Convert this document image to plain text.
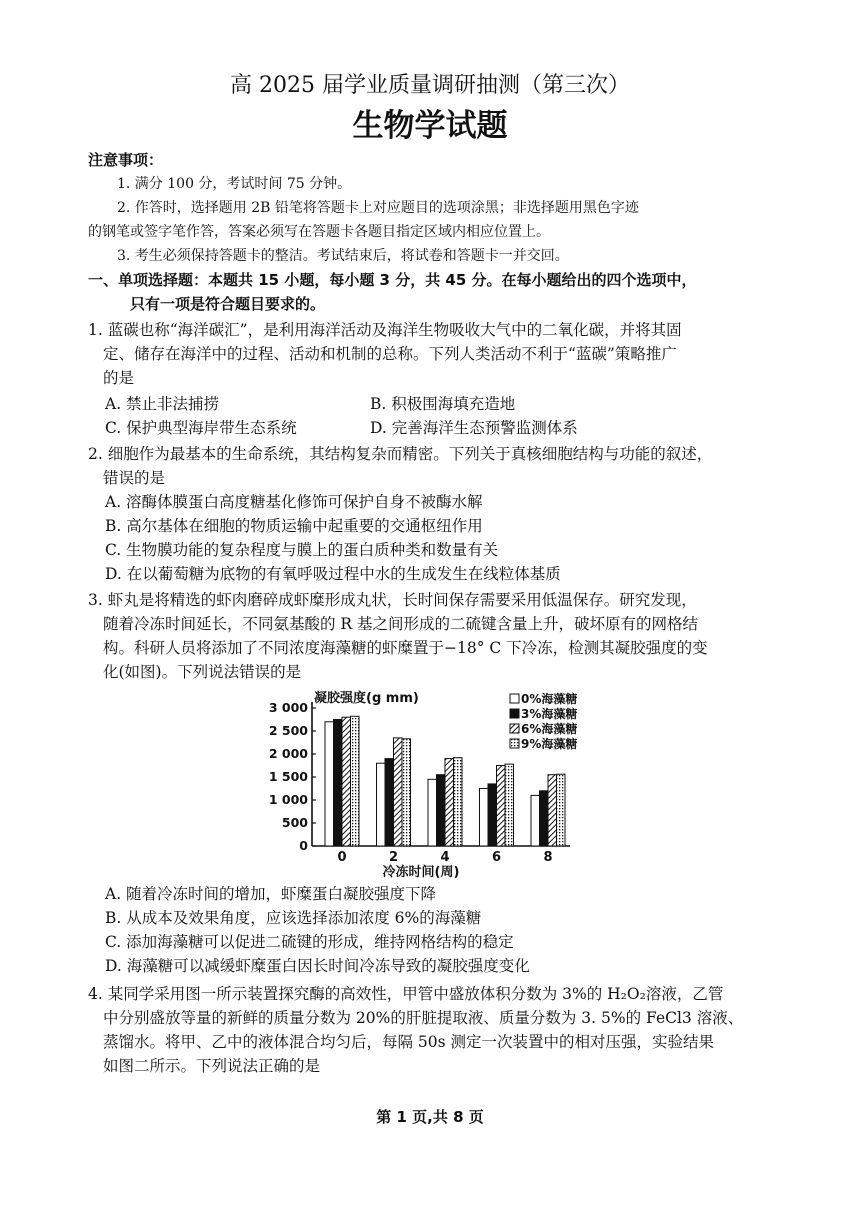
高 2025 届学业质量调研抽测（第三次）
生物学试题
注意事项：
1. 满分 100 分，考试时间 75 分钟。
2. 作答时，选择题用 2B 铅笔将答题卡上对应题目的选项涂黑；非选择题用黑色字迹
的钢笔或签字笔作答，答案必须写在答题卡各题目指定区域内相应位置上。
3. 考生必须保持答题卡的整洁。考试结束后，将试卷和答题卡一并交回。
一、单项选择题：本题共 15 小题，每小题 3 分，共 45 分。在每小题给出的四个选项中，
只有一项是符合题目要求的。
1. 蓝碳也称“海洋碳汇”，是利用海洋活动及海洋生物吸收大气中的二氧化碳，并将其固
定、储存在海洋中的过程、活动和机制的总称。下列人类活动不利于“蓝碳”策略推广
的是
A. 禁止非法捕捞	B. 积极围海填充造地
C. 保护典型海岸带生态系统	D. 完善海洋生态预警监测体系
2. 细胞作为最基本的生命系统，其结构复杂而精密。下列关于真核细胞结构与功能的叙述，
错误的是
A. 溶酶体膜蛋白高度糖基化修饰可保护自身不被酶水解
B. 高尔基体在细胞的物质运输中起重要的交通枢纽作用
C. 生物膜功能的复杂程度与膜上的蛋白质种类和数量有关
D. 在以葡萄糖为底物的有氧呼吸过程中水的生成发生在线粒体基质
3. 虾丸是将精选的虾肉磨碎成虾糜形成丸状，长时间保存需要采用低温保存。研究发现，
随着冷冻时间延长，不同氨基酸的 R 基之间形成的二硫键含量上升，破坏原有的网格结
构。科研人员将添加了不同浓度海藻糖的虾糜置于−18° C 下冷冻，检测其凝胶强度的变
化(如图)。下列说法错误的是
0
500
1 000
1 500
2 000
2 500
3 000
0	2	4	6	8
0%海藻糖
3%海藻糖
6%海藻糖
9%海藻糖
凝胶强度(g mm)
冷冻时间(周)
A. 随着冷冻时间的增加，虾糜蛋白凝胶强度下降
B. 从成本及效果角度，应该选择添加浓度 6%的海藻糖
C. 添加海藻糖可以促进二硫键的形成，维持网格结构的稳定
D. 海藻糖可以减缓虾糜蛋白因长时间冷冻导致的凝胶强度变化
4. 某同学采用图一所示装置探究酶的高效性，甲管中盛放体积分数为 3%的 H₂O₂溶液，乙管
中分别盛放等量的新鲜的质量分数为 20%的肝脏提取液、质量分数为 3. 5%的 FeCl3 溶液、
蒸馏水。将甲、乙中的液体混合均匀后，每隔 50s 测定一次装置中的相对压强，实验结果
如图二所示。下列说法正确的是
第 1 页,共 8 页
